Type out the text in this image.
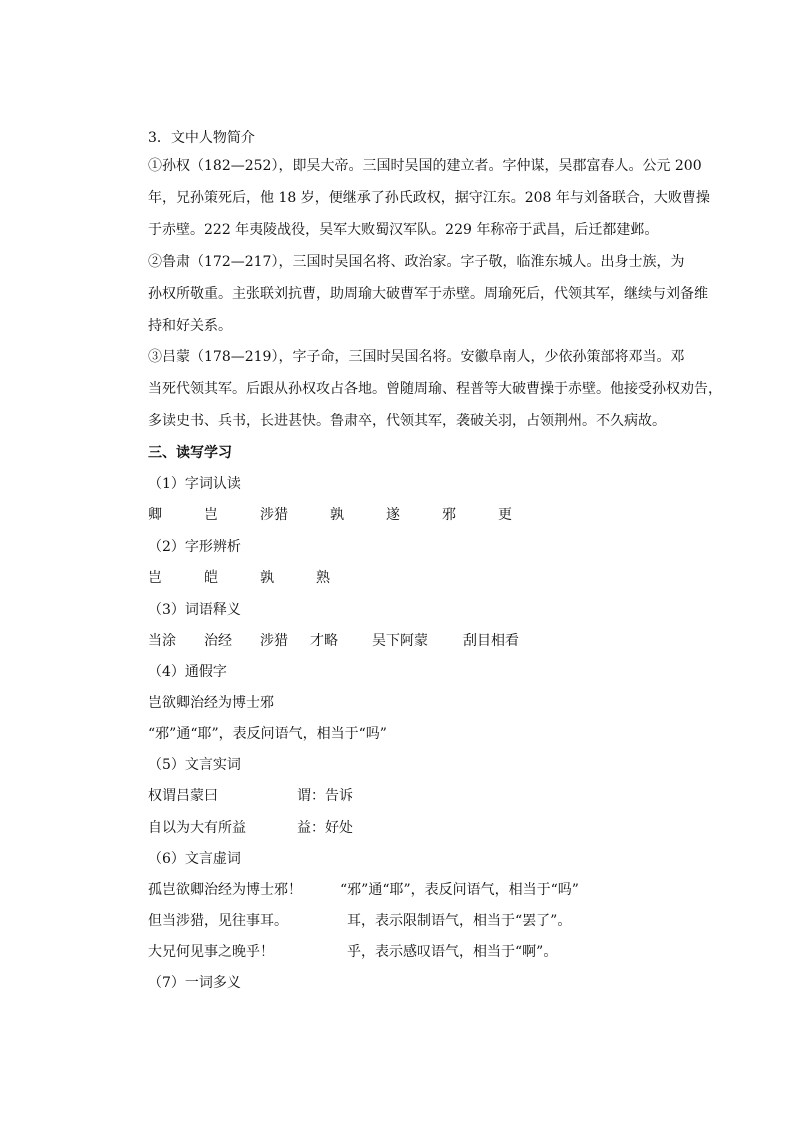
3．文中人物简介
①孙权（182—252），即吴大帝。三国时吴国的建立者。字仲谋，吴郡富春人。公元 200
年，兄孙策死后，他 18 岁，便继承了孙氏政权，据守江东。208 年与刘备联合，大败曹操
于赤壁。222 年夷陵战役，吴军大败蜀汉军队。229 年称帝于武昌，后迁都建邺。
②鲁肃（172—217），三国时吴国名将、政治家。字子敬，临淮东城人。出身士族，为
孙权所敬重。主张联刘抗曹，助周瑜大破曹军于赤壁。周瑜死后，代领其军，继续与刘备维
持和好关系。
③吕蒙（178—219），字子命，三国时吴国名将。安徽阜南人，少依孙策部将邓当。邓
当死代领其军。后跟从孙权攻占各地。曾随周瑜、程普等大破曹操于赤壁。他接受孙权劝告，
多读史书、兵书，长进甚快。鲁肃卒，代领其军，袭破关羽，占领荆州。不久病故。
三、读写学习
（1）字词认读
卿	岂	涉猎	孰	遂	邪	更
（2）字形辨析
岂	皑	孰	熟
（3）词语释义
当涂 治经 涉猎 才略 吴下阿蒙	刮目相看
（4）通假字
岂欲卿治经为博士邪
“邪”通“耶”，表反问语气，相当于“吗”
（5）文言实词
权谓吕蒙曰	谓：告诉
自以为大有所益	益：好处
（6）文言虚词
孤岂欲卿治经为博士邪！	“邪”通“耶”，表反问语气，相当于“吗”
但当涉猎，见往事耳。	耳，表示限制语气，相当于“罢了”。
大兄何见事之晚乎！	乎，表示感叹语气，相当于“啊”。
（7）一词多义
